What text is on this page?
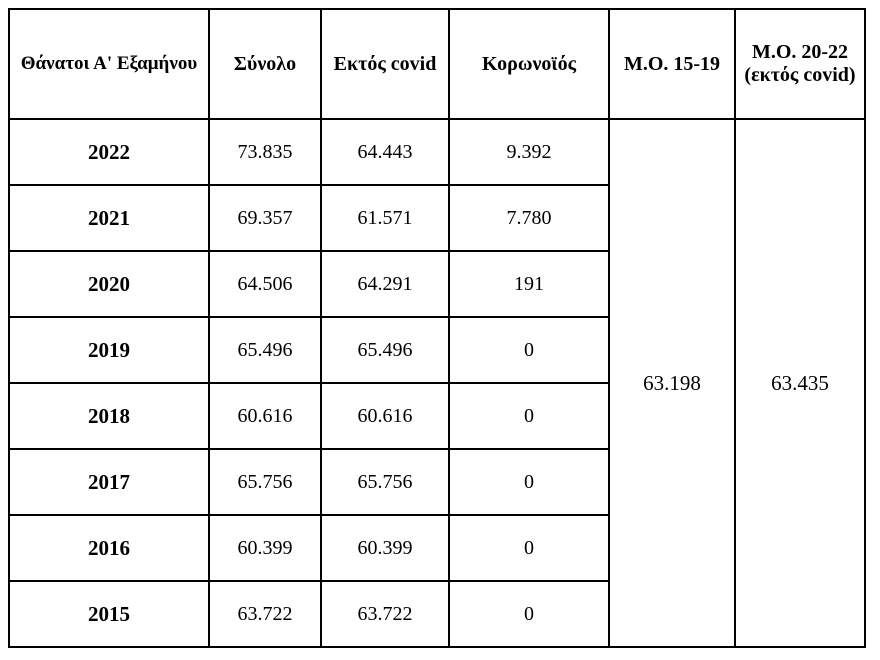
Θάνατοι Α' Εξαμήνου	Σύνολο	Εκτός covid	Κορωνοϊός	Μ.Ο. 15-19	Μ.Ο. 20-22 (εκτός covid)
2022	73.835	64.443	9.392	63.198	63.435
2021	69.357	61.571	7.780		
2020	64.506	64.291	191		
2019	65.496	65.496	0		
2018	60.616	60.616	0		
2017	65.756	65.756	0		
2016	60.399	60.399	0		
2015	63.722	63.722	0		
